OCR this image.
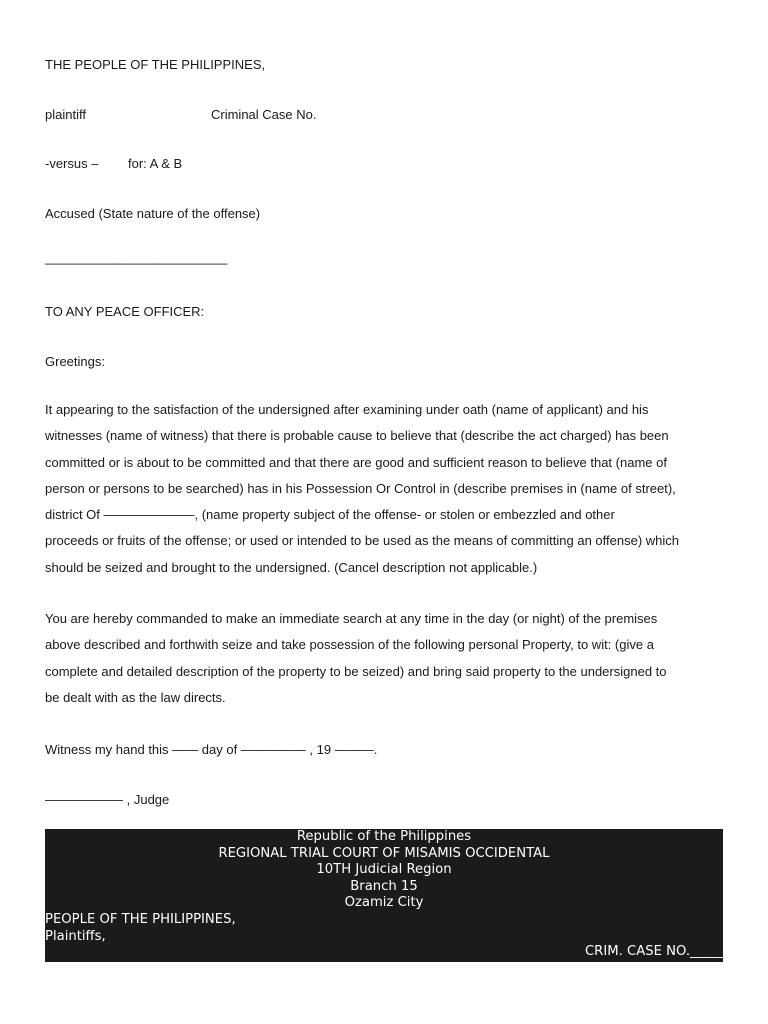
THE PEOPLE OF THE PHILIPPINES,
plaintiff	Criminal Case No.
-versus – for: A & B
Accused (State nature of the offense)
___________________________
TO ANY PEACE OFFICER:
Greetings:

It appearing to the satisfaction of the undersigned after examining under oath (name of applicant) and his

witnesses (name of witness) that there is probable cause to believe that (describe the act charged) has been

committed or is about to be committed and that there are good and sufficient reason to believe that (name of

person or persons to be searched) has in his Possession Or Control in (describe premises in (name of street),

district Of ———————, (name property subject of the offense- or stolen or embezzled and other

proceeds or fruits of the offense; or used or intended to be used as the means of committing an offense) which

should be seized and brought to the undersigned. (Cancel description not applicable.)

You are hereby commanded to make an immediate search at any time in the day (or night) of the premises

above described and forthwith seize and take possession of the following personal Property, to wit: (give a

complete and detailed description of the property to be seized) and bring said property to the undersigned to

be dealt with as the law directs.

Witness my hand this —— day of ————— , 19 ———.
—————— , Judge
Republic of the Philippines
REGIONAL TRIAL COURT OF MISAMIS OCCIDENTAL
10TH Judicial Region
Branch 15
Ozamiz City
PEOPLE OF THE PHILIPPINES,
Plaintiffs,
CRIM. CASE NO._____
